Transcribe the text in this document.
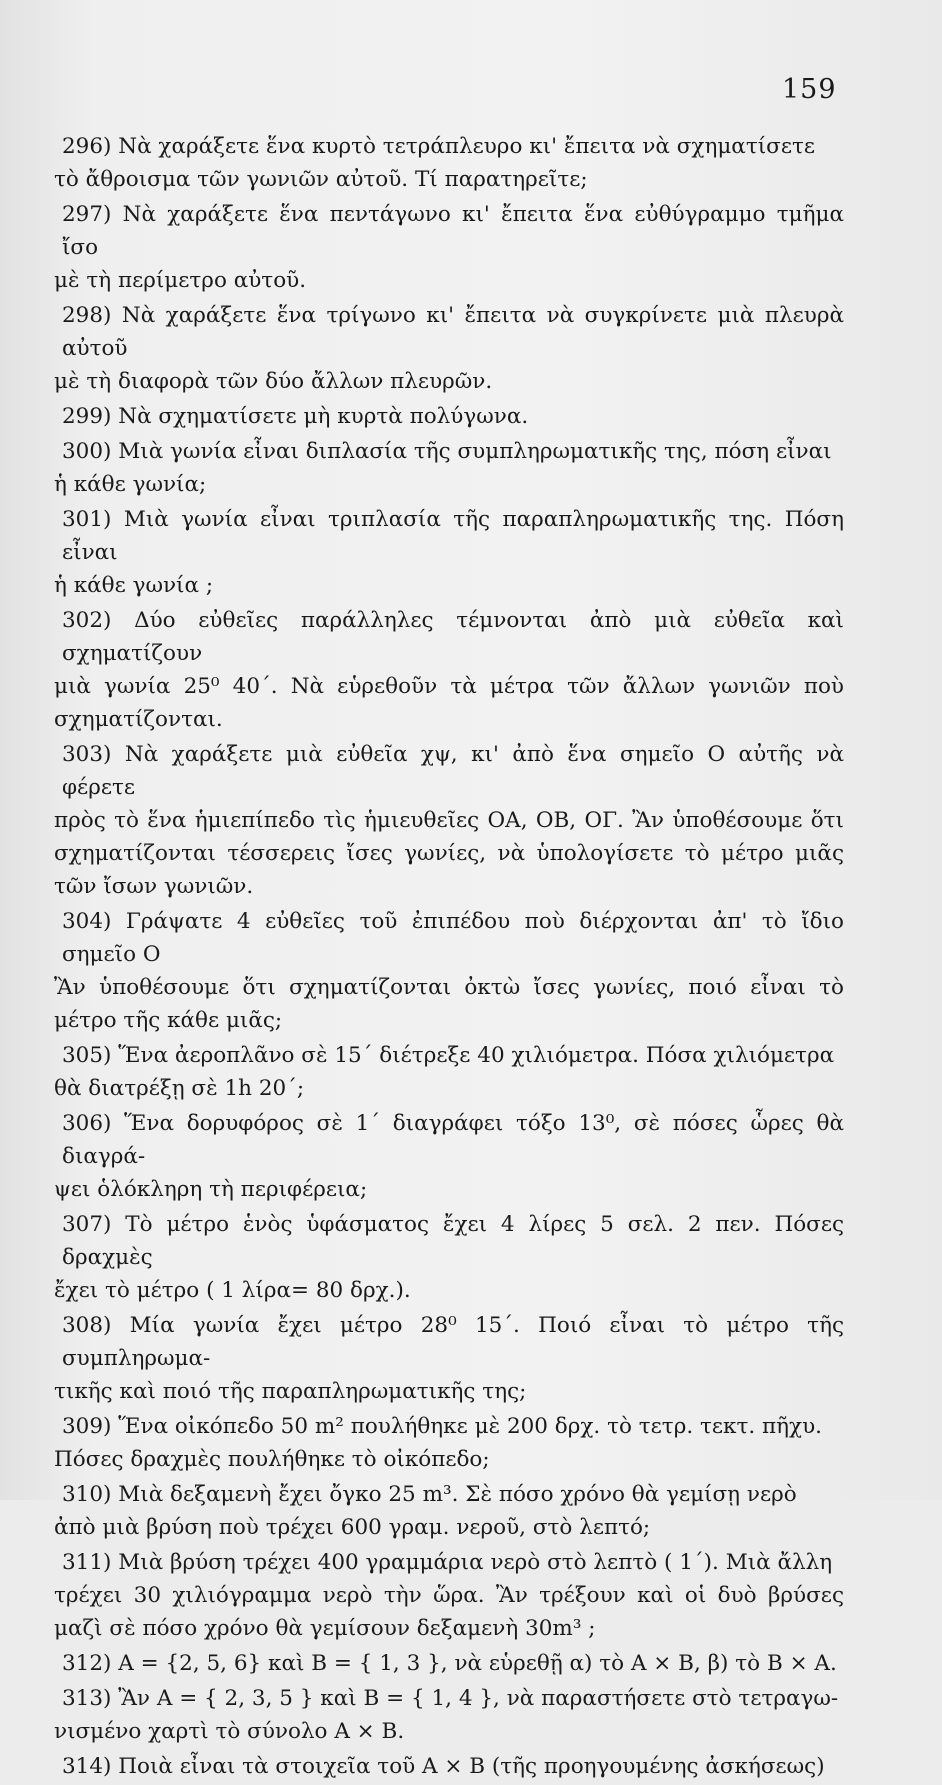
159
296) Νὰ χαράξετε ἕνα κυρτὸ τετράπλευρο κι' ἔπειτα νὰ σχηματίσετε
τὸ ἄθροισμα τῶν γωνιῶν αὐτοῦ. Τί παρατηρεῖτε;
297) Νὰ χαράξετε ἕνα πεντάγωνο κι' ἔπειτα ἕνα εὐθύγραμμο τμῆμα ἴσο
μὲ τὴ περίμετρο αὐτοῦ.
298) Νὰ χαράξετε ἕνα τρίγωνο κι' ἔπειτα νὰ συγκρίνετε μιὰ πλευρὰ αὐτοῦ
μὲ τὴ διαφορὰ τῶν δύο ἄλλων πλευρῶν.
299) Νὰ σχηματίσετε μὴ κυρτὰ πολύγωνα.
300) Μιὰ γωνία εἶναι διπλασία τῆς συμπληρωματικῆς της, πόση εἶναι
ἡ κάθε γωνία;
301) Μιὰ γωνία εἶναι τριπλασία τῆς παραπληρωματικῆς της. Πόση εἶναι
ἡ κάθε γωνία ;
302) Δύο εὐθεῖες παράλληλες τέμνονται ἀπὸ μιὰ εὐθεῖα καὶ σχηματίζουν
μιὰ γωνία 25⁰ 40΄. Νὰ εὑρεθοῦν τὰ μέτρα τῶν ἄλλων γωνιῶν ποὺ σχηματίζονται.
303) Νὰ χαράξετε μιὰ εὐθεῖα χψ, κι' ἀπὸ ἕνα σημεῖο Ο αὐτῆς νὰ φέρετε
πρὸς τὸ ἕνα ἡμιεπίπεδο τὶς ἡμιευθεῖες ΟΑ, ΟΒ, ΟΓ. Ἂν ὑποθέσουμε ὅτι σχηματίζονται τέσσερεις ἴσες γωνίες, νὰ ὑπολογίσετε τὸ μέτρο μιᾶς τῶν ἴσων γωνιῶν.
304) Γράψατε 4 εὐθεῖες τοῦ ἐπιπέδου ποὺ διέρχονται ἀπ' τὸ ἴδιο σημεῖο Ο
Ἂν ὑποθέσουμε ὅτι σχηματίζονται ὀκτὼ ἴσες γωνίες, ποιό εἶναι τὸ μέτρο τῆς κάθε μιᾶς;
305) Ἕνα ἀεροπλᾶνο σὲ 15΄ διέτρεξε 40 χιλιόμετρα. Πόσα χιλιόμετρα
θὰ διατρέξῃ σὲ 1h 20΄;
306) Ἕνα δορυφόρος σὲ 1΄ διαγράφει τόξο 13⁰, σὲ πόσες ὧρες θὰ διαγρά-
ψει ὁλόκληρη τὴ περιφέρεια;
307) Τὸ μέτρο ἑνὸς ὑφάσματος ἔχει 4 λίρες 5 σελ. 2 πεν. Πόσες δραχμὲς
ἔχει τὸ μέτρο ( 1 λίρα= 80 δρχ.).
308) Μία γωνία ἔχει μέτρο 28⁰ 15΄. Ποιό εἶναι τὸ μέτρο τῆς συμπληρωμα-
τικῆς καὶ ποιό τῆς παραπληρωματικῆς της;
309) Ἕνα οἰκόπεδο 50 m² πουλήθηκε μὲ 200 δρχ. τὸ τετρ. τεκτ. πῆχυ.
Πόσες δραχμὲς πουλήθηκε τὸ οἰκόπεδο;
310) Μιὰ δεξαμενὴ ἔχει ὄγκο 25 m³. Σὲ πόσο χρόνο θὰ γεμίσῃ νερὸ
ἀπὸ μιὰ βρύση ποὺ τρέχει 600 γραμ. νεροῦ, στὸ λεπτό;
311) Μιὰ βρύση τρέχει 400 γραμμάρια νερὸ στὸ λεπτὸ ( 1΄). Μιὰ ἄλλη
τρέχει 30 χιλιόγραμμα νερὸ τὴν ὥρα. Ἂν τρέξουν καὶ οἱ δυὸ βρύσες μαζὶ σὲ πόσο χρόνο θὰ γεμίσουν δεξαμενὴ 30m³ ;
312) Α = {2, 5, 6} καὶ Β = { 1, 3 }, νὰ εὑρεθῇ α) τὸ Α × Β, β) τὸ Β × Α.
313) Ἂν Α = { 2, 3, 5 } καὶ Β = { 1, 4 }, νὰ παραστήσετε στὸ τετραγω-
νισμένο χαρτὶ τὸ σύνολο Α × Β.
314) Ποιὰ εἶναι τὰ στοιχεῖα τοῦ Α × Β (τῆς προηγουμένης ἀσκήσεως)
